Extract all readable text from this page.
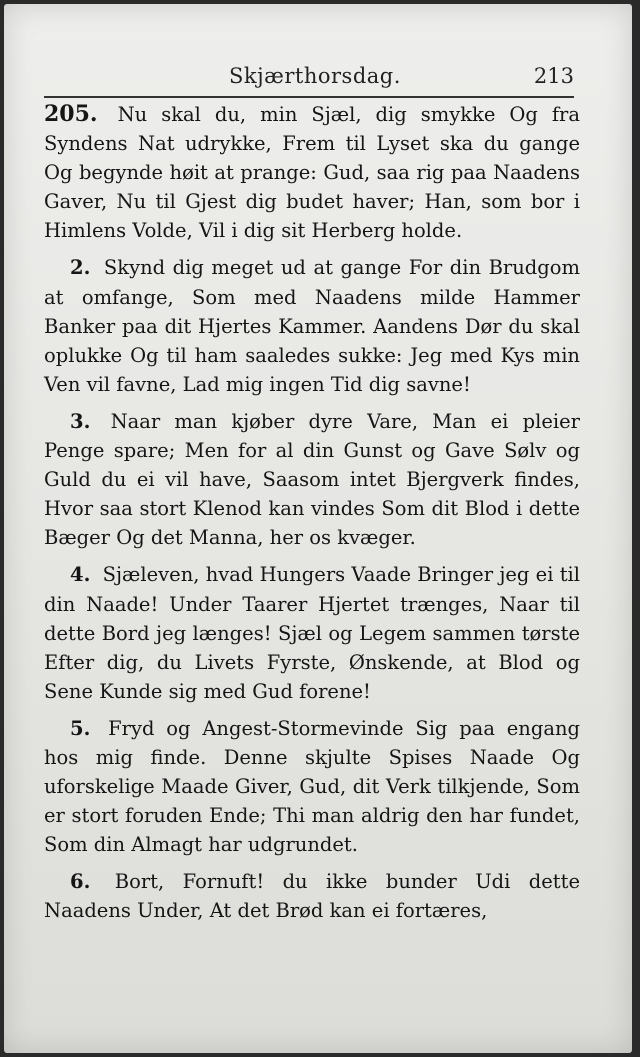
Skjærthorsdag.	213

205. Nu skal du, min Sjæl, dig smykke Og fra Syndens Nat udrykke, Frem til Lyset ska du gange Og begynde høit at prange: Gud, saa rig paa Naadens Gaver, Nu til Gjest dig budet haver; Han, som bor i Himlens Volde, Vil i dig sit Herberg holde.

2. Skynd dig meget ud at gange For din Brudgom at omfange, Som med Naadens milde Hammer Banker paa dit Hjertes Kammer. Aandens Dør du skal oplukke Og til ham saaledes sukke: Jeg med Kys min Ven vil favne, Lad mig ingen Tid dig savne!

3. Naar man kjøber dyre Vare, Man ei pleier Penge spare; Men for al din Gunst og Gave Sølv og Guld du ei vil have, Saasom intet Bjergverk findes, Hvor saa stort Klenod kan vindes Som dit Blod i dette Bæger Og det Manna, her os kvæger.

4. Sjæleven, hvad Hungers Vaade Bringer jeg ei til din Naade! Under Taarer Hjertet trænges, Naar til dette Bord jeg længes! Sjæl og Legem sammen tørste Efter dig, du Livets Fyrste, Ønskende, at Blod og Sene Kunde sig med Gud forene!

5. Fryd og Angest-Stormevinde Sig paa engang hos mig finde. Denne skjulte Spises Naade Og uforskelige Maade Giver, Gud, dit Verk tilkjende, Som er stort foruden Ende; Thi man aldrig den har fundet, Som din Almagt har udgrundet.

6. Bort, Fornuft! du ikke bunder Udi dette Naadens Under, At det Brød kan ei fortæres,
